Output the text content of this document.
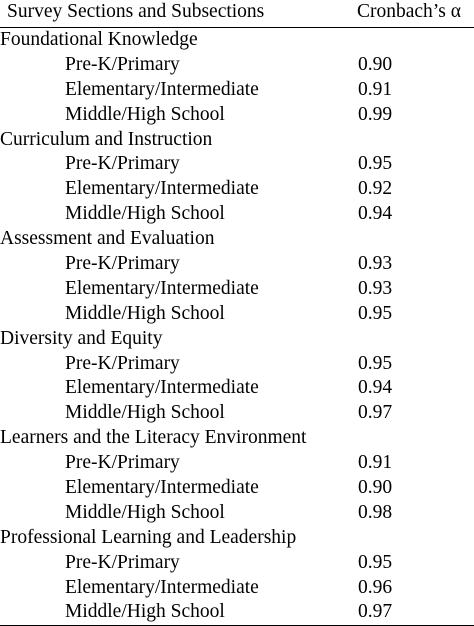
Survey Sections and Subsections	Cronbach’s α
Foundational Knowledge
Pre-K/Primary	0.90
Elementary/Intermediate	0.91
Middle/High School	0.99
Curriculum and Instruction
Pre-K/Primary	0.95
Elementary/Intermediate	0.92
Middle/High School	0.94
Assessment and Evaluation
Pre-K/Primary	0.93
Elementary/Intermediate	0.93
Middle/High School	0.95
Diversity and Equity
Pre-K/Primary	0.95
Elementary/Intermediate	0.94
Middle/High School	0.97
Learners and the Literacy Environment
Pre-K/Primary	0.91
Elementary/Intermediate	0.90
Middle/High School	0.98
Professional Learning and Leadership
Pre-K/Primary	0.95
Elementary/Intermediate	0.96
Middle/High School	0.97
